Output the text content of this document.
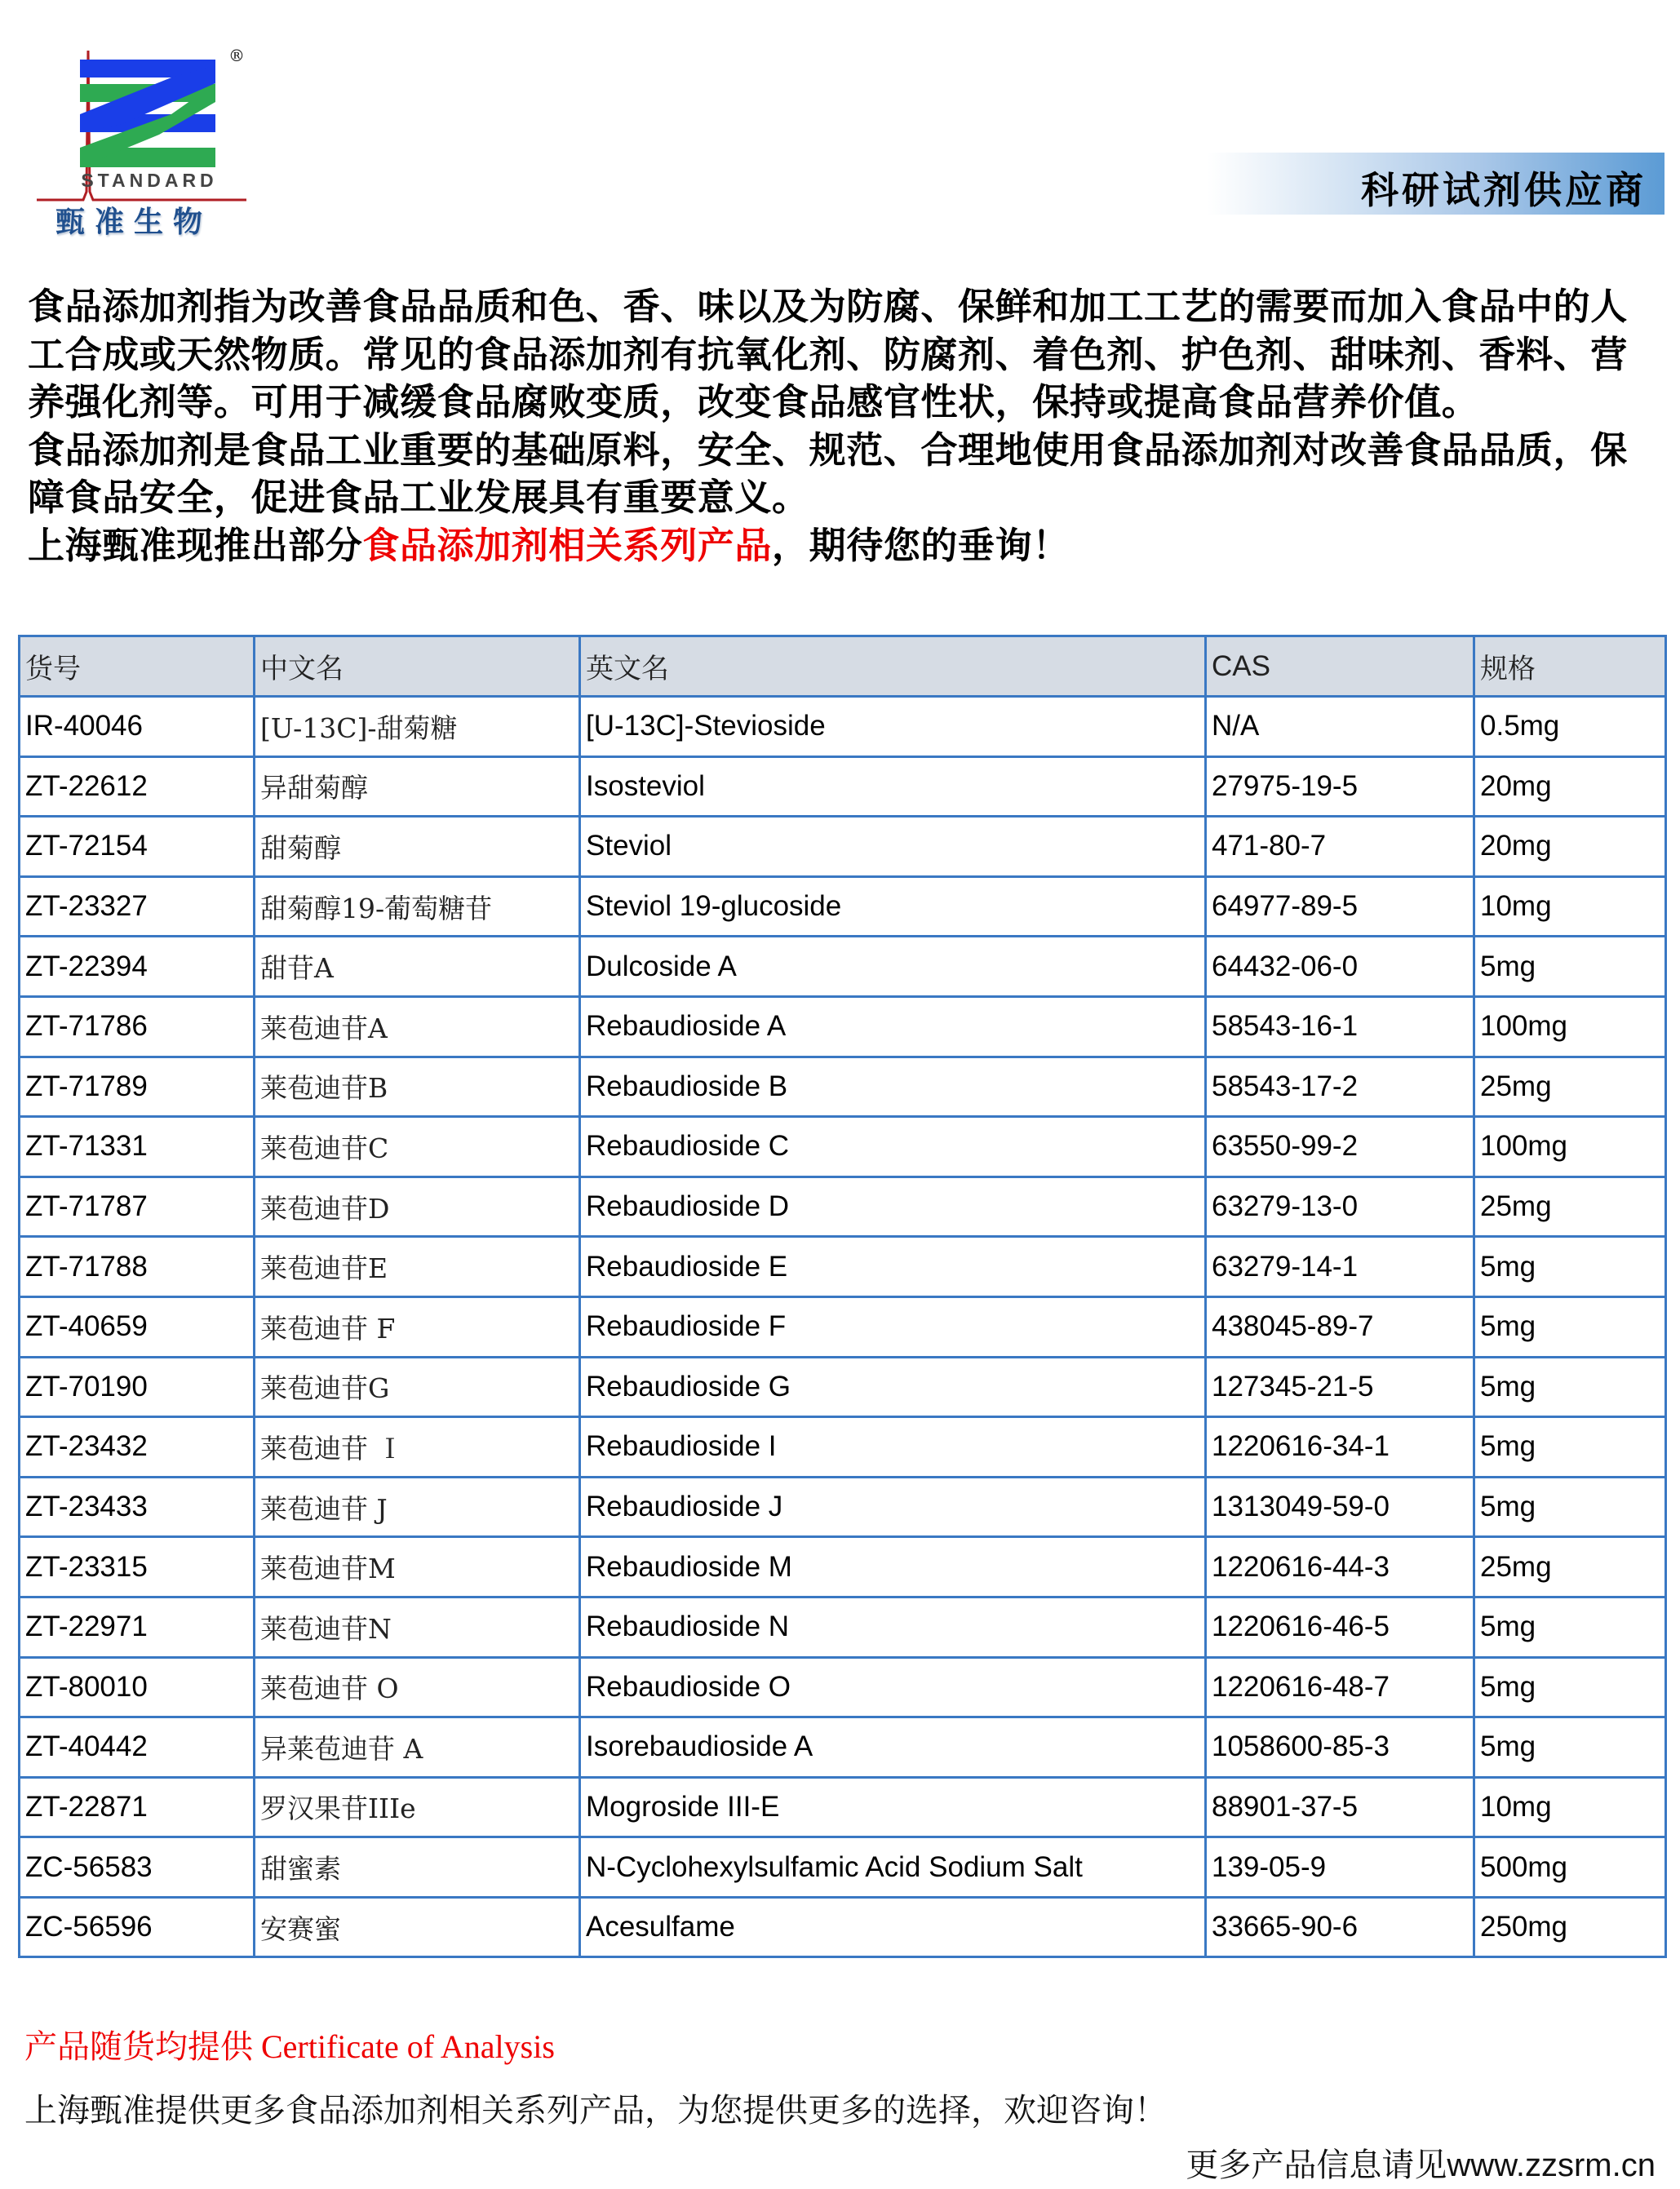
®
STANDARD
甄准生物
科研试剂供应商

食品添加剂指为改善食品品质和色、香、味以及为防腐、保鲜和加工工艺的需要而加入食品中的人工合成或天然物质。常见的食品添加剂有抗氧化剂、防腐剂、着色剂、护色剂、甜味剂、香料、营养强化剂等。可用于减缓食品腐败变质，改变食品感官性状，保持或提高食品营养价值。

食品添加剂是食品工业重要的基础原料，安全、规范、合理地使用食品添加剂对改善食品品质，保障食品安全，促进食品工业发展具有重要意义。

上海甄准现推出部分食品添加剂相关系列产品，期待您的垂询！

货号	中文名	英文名	CAS	规格
IR-40046	[U-13C]-甜菊糖	[U-13C]-Stevioside	N/A	0.5mg
ZT-22612	异甜菊醇	Isosteviol	27975-19-5	20mg
ZT-72154	甜菊醇	Steviol	471-80-7	20mg
ZT-23327	甜菊醇19-葡萄糖苷	Steviol 19-glucoside	64977-89-5	10mg
ZT-22394	甜苷A	Dulcoside A	64432-06-0	5mg
ZT-71786	莱苞迪苷A	Rebaudioside A	58543-16-1	100mg
ZT-71789	莱苞迪苷B	Rebaudioside B	58543-17-2	25mg
ZT-71331	莱苞迪苷C	Rebaudioside C	63550-99-2	100mg
ZT-71787	莱苞迪苷D	Rebaudioside D	63279-13-0	25mg
ZT-71788	莱苞迪苷E	Rebaudioside E	63279-14-1	5mg
ZT-40659	莱苞迪苷 F	Rebaudioside F	438045-89-7	5mg
ZT-70190	莱苞迪苷G	Rebaudioside G	127345-21-5	5mg
ZT-23432	莱苞迪苷 Ｉ	Rebaudioside I	1220616-34-1	5mg
ZT-23433	莱苞迪苷 J	Rebaudioside J	1313049-59-0	5mg
ZT-23315	莱苞迪苷M	Rebaudioside M	1220616-44-3	25mg
ZT-22971	莱苞迪苷N	Rebaudioside N	1220616-46-5	5mg
ZT-80010	莱苞迪苷 O	Rebaudioside O	1220616-48-7	5mg
ZT-40442	异莱苞迪苷 A	Isorebaudioside A	1058600-85-3	5mg
ZT-22871	罗汉果苷IIIe	Mogroside III-E	88901-37-5	10mg
ZC-56583	甜蜜素	N-Cyclohexylsulfamic Acid Sodium Salt	139-05-9	500mg
ZC-56596	安赛蜜	Acesulfame	33665-90-6	250mg
产品随货均提供 Certificate of Analysis
上海甄准提供更多食品添加剂相关系列产品，为您提供更多的选择，欢迎咨询！
更多产品信息请见www.zzsrm.cn
